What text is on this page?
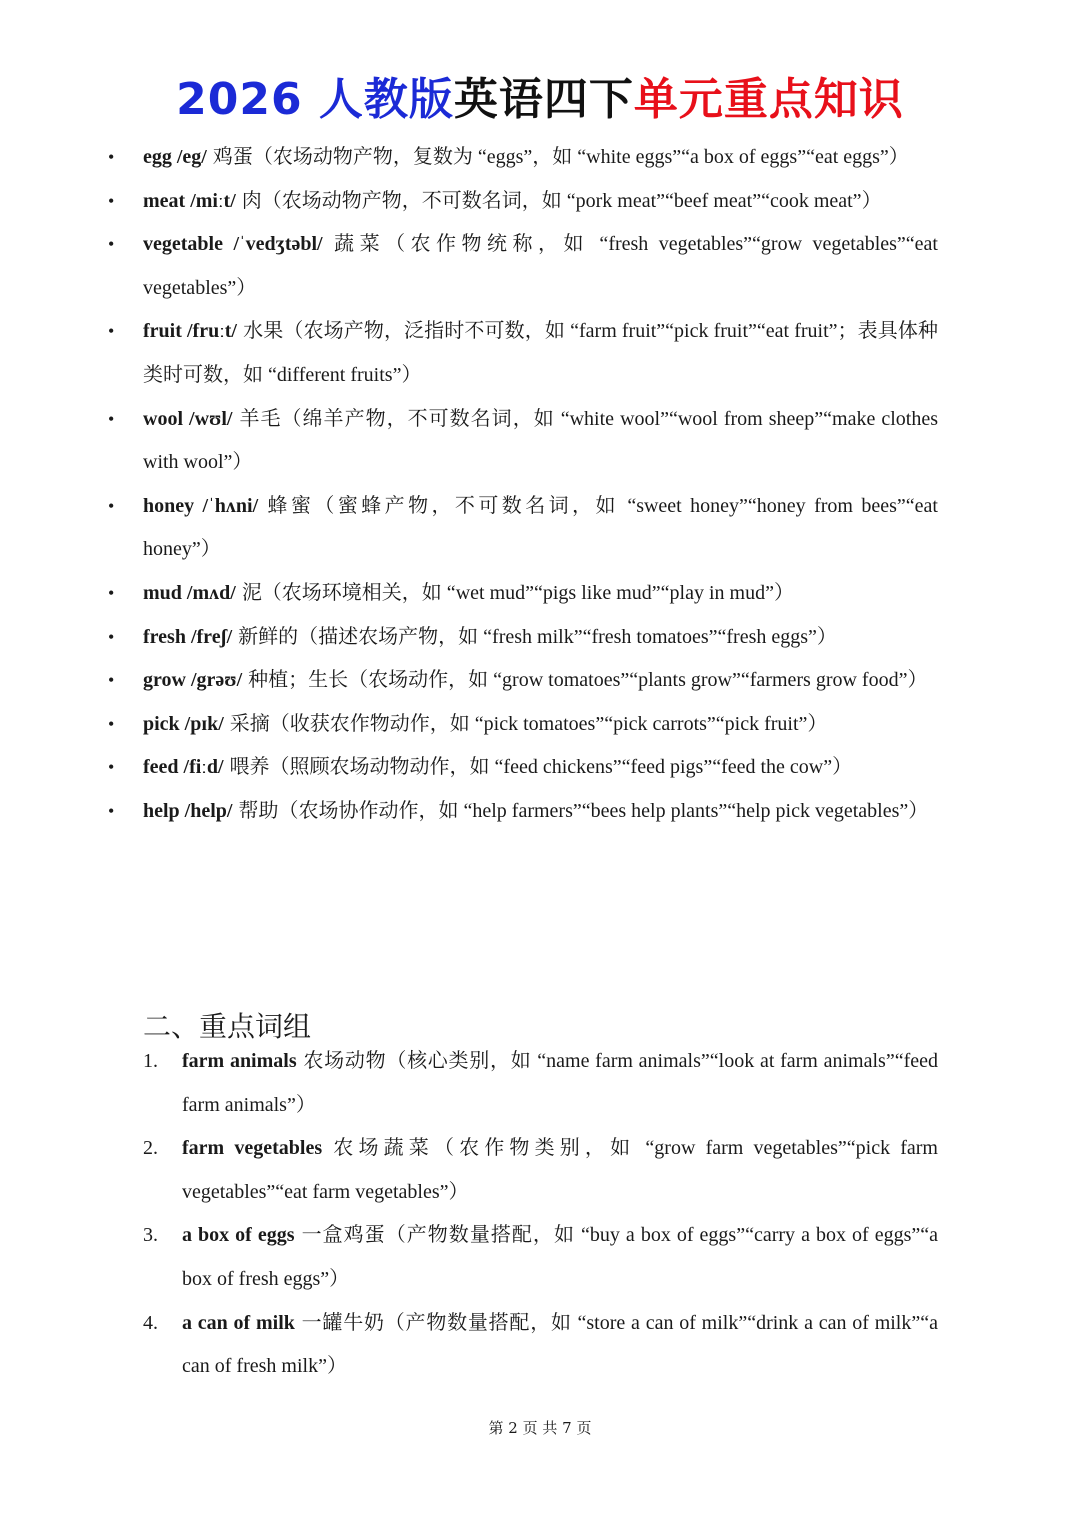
2026 人教版英语四下单元重点知识
• egg /eg/ 鸡蛋（农场动物产物，复数为 “eggs”，如 “white eggs”“a box of eggs”“eat eggs”）
• meat /miːt/ 肉（农场动物产物，不可数名词，如 “pork meat”“beef meat”“cook meat”）
• vegetable /ˈvedʒtəbl/ 蔬菜（农作物统称，如 “fresh vegetables”“grow vegetables”“eat vegetables”）
• fruit /fruːt/ 水果（农场产物，泛指时不可数，如 “farm fruit”“pick fruit”“eat fruit”；表具体种类时可数，如 “different fruits”）
• wool /wʊl/ 羊毛（绵羊产物，不可数名词，如 “white wool”“wool from sheep”“make clothes with wool”）
• honey /ˈhʌni/ 蜂蜜（蜜蜂产物，不可数名词，如 “sweet honey”“honey from bees”“eat honey”）
• mud /mʌd/ 泥（农场环境相关，如 “wet mud”“pigs like mud”“play in mud”）
• fresh /freʃ/ 新鲜的（描述农场产物，如 “fresh milk”“fresh tomatoes”“fresh eggs”）
• grow /grəʊ/ 种植；生长（农场动作，如 “grow tomatoes”“plants grow”“farmers grow food”）
• pick /pɪk/ 采摘（收获农作物动作，如 “pick tomatoes”“pick carrots”“pick fruit”）
• feed /fiːd/ 喂养（照顾农场动物动作，如 “feed chickens”“feed pigs”“feed the cow”）
• help /help/ 帮助（农场协作动作，如 “help farmers”“bees help plants”“help pick vegetables”）
二、重点词组
1. farm animals 农场动物（核心类别，如 “name farm animals”“look at farm animals”“feed farm animals”）
2. farm vegetables 农场蔬菜（农作物类别，如 “grow farm vegetables”“pick farm vegetables”“eat farm vegetables”）
3. a box of eggs 一盒鸡蛋（产物数量搭配，如 “buy a box of eggs”“carry a box of eggs”“a box of fresh eggs”）
4. a can of milk 一罐牛奶（产物数量搭配，如 “store a can of milk”“drink a can of milk”“a can of fresh milk”）
第 2 页 共 7 页
